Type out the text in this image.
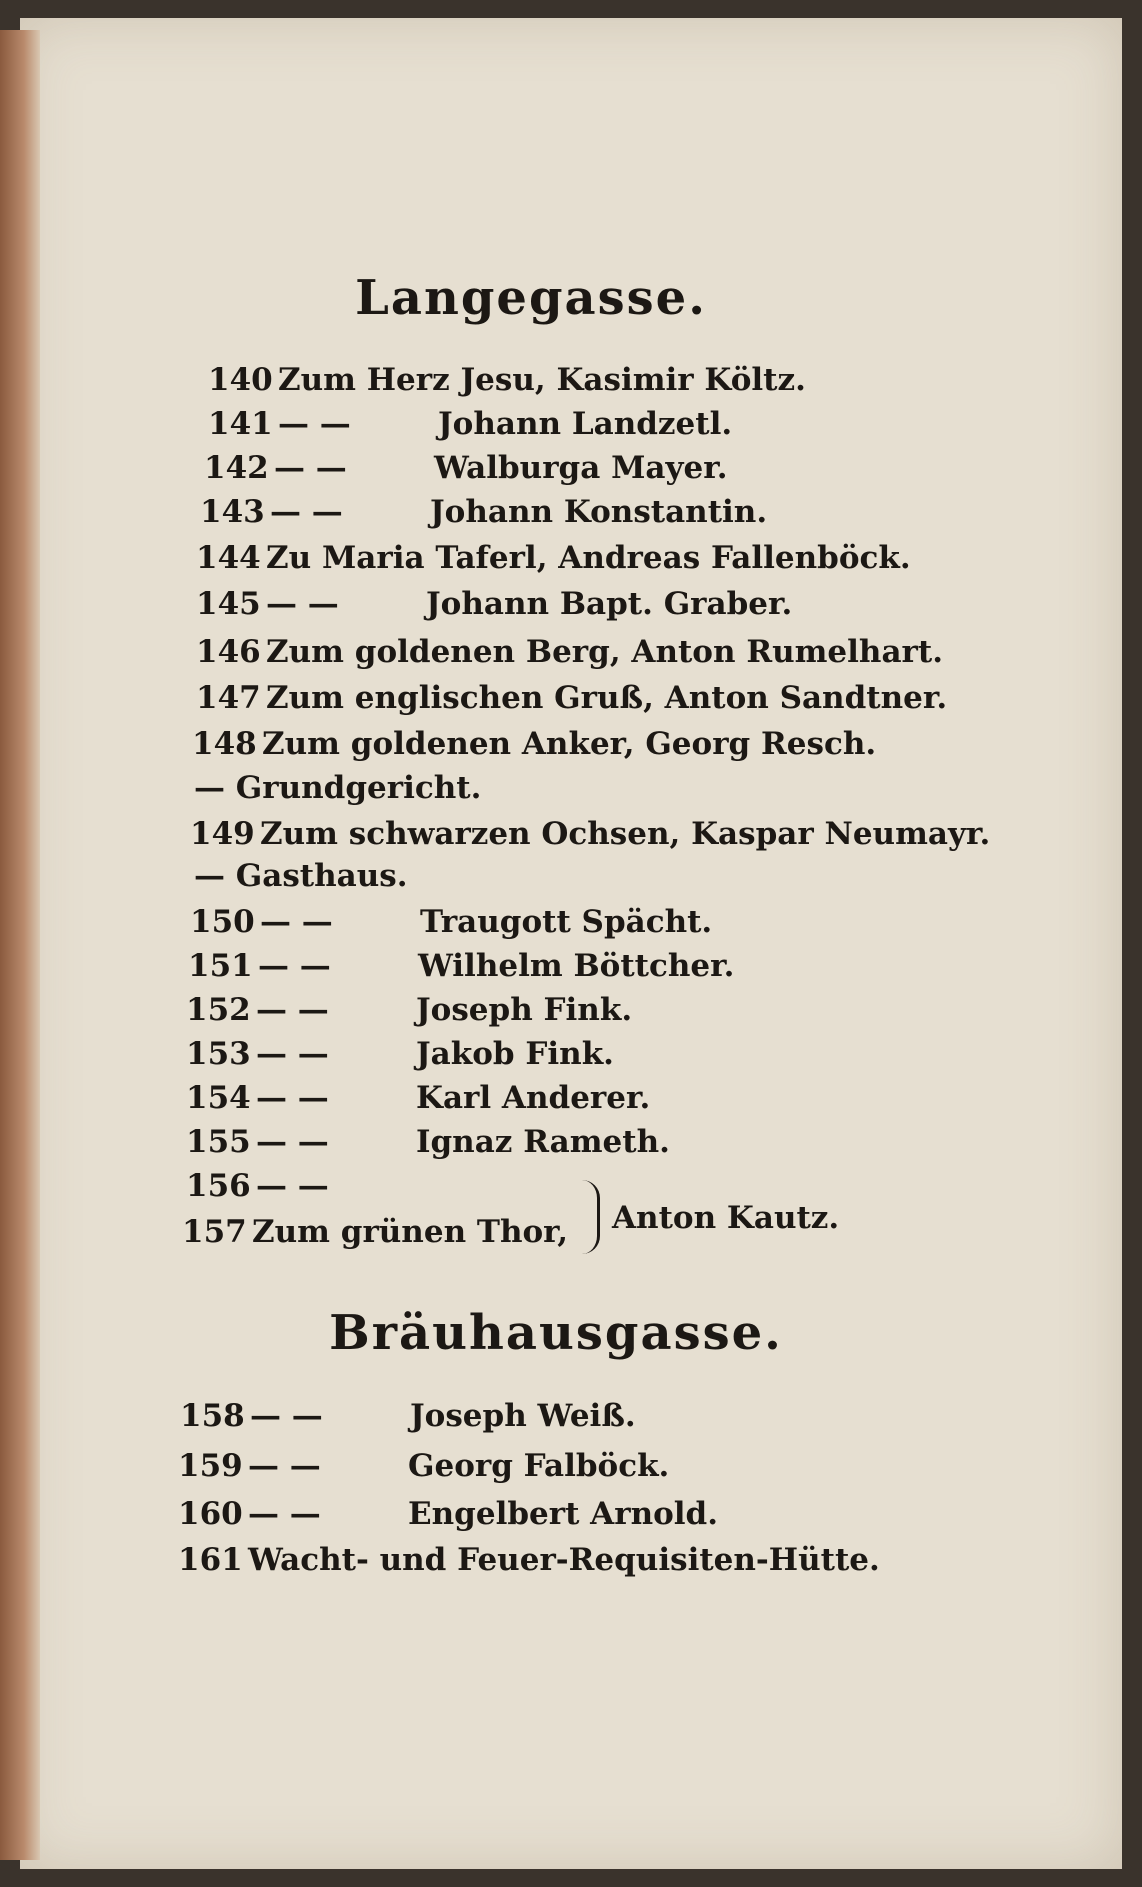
Langegasse.
140 Zum Herz Jesu, Kasimir Költz.
141 — —	Johann Landzetl.
142 — —	Walburga Mayer.
143 — —	Johann Konstantin.
144 Zu Maria Taferl, Andreas Fallenböck.
145 — —	Johann Bapt. Graber.
146 Zum goldenen Berg, Anton Rumelhart.
147 Zum englischen Gruß, Anton Sandtner.
148 Zum goldenen Anker, Georg Resch.
— Grundgericht.
149 Zum schwarzen Ochsen, Kaspar Neumayr.
— Gasthaus.
150 — —	Traugott Spächt.
151 — —	Wilhelm Böttcher.
152 — —	Joseph Fink.
153 — —	Jakob Fink.
154 — —	Karl Anderer.
155 — —	Ignaz Rameth.
156 — —
157 Zum grünen Thor, Anton Kautz.
Bräuhausgasse.
158 — —	Joseph Weiß.
159 — —	Georg Falböck.
160 — —	Engelbert Arnold.
161 Wacht- und Feuer-Requisiten-Hütte.
